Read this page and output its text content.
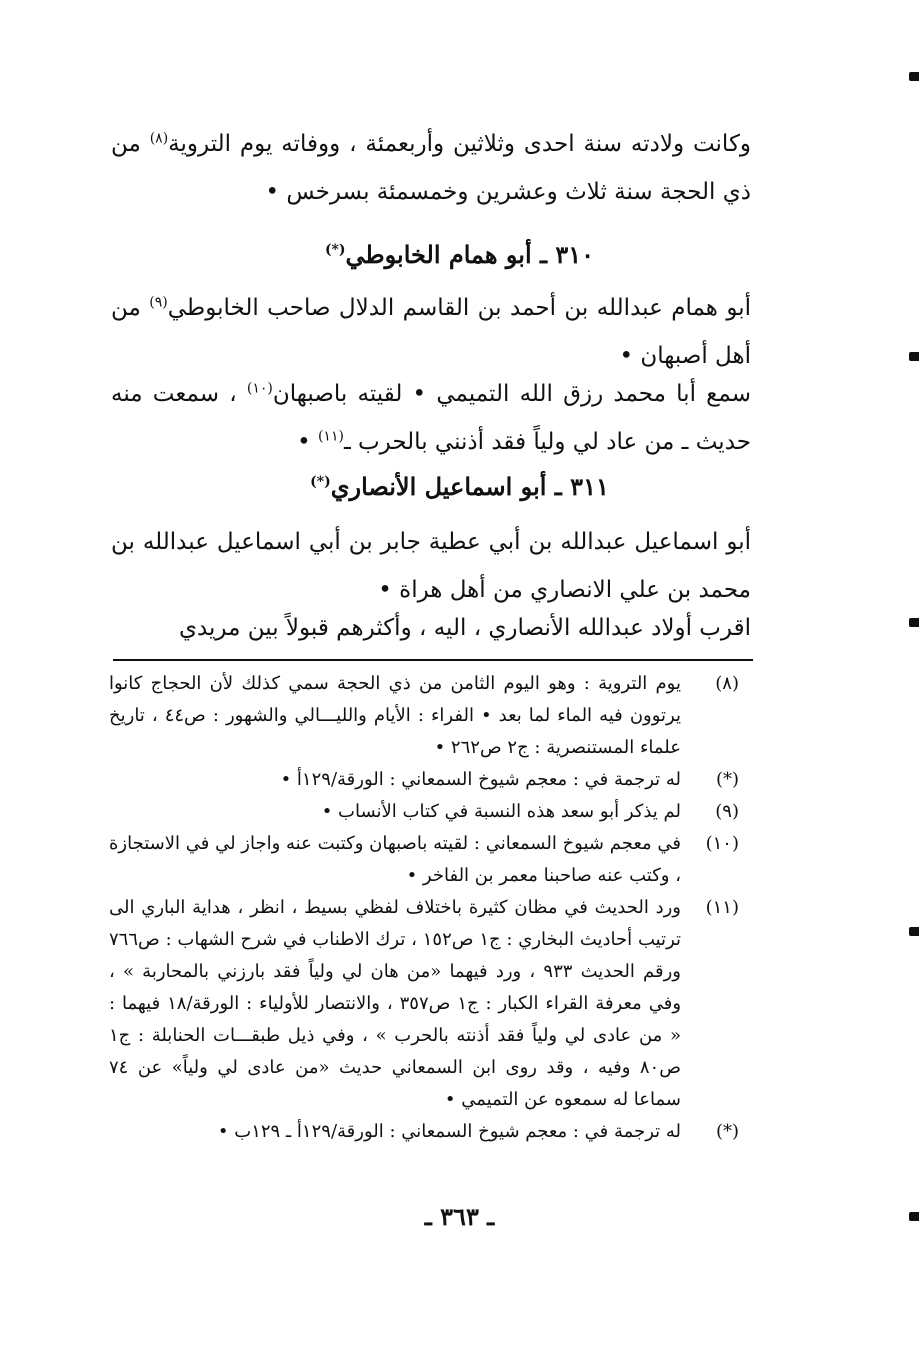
وكانت ولادته سنة احدى وثلاثين وأربعمئة ، ووفاته يوم التروية$^{(٨)}$ من ذي الحجة سنة ثلاث وعشرين وخمسمئة بسرخس •

٣١٠ ـ أبو همام الخابوطي(*)

أبو همام عبدالله بن أحمد بن القاسم الدلال صاحب الخابوطي$^{(٩)}$ من أهل أصبهان •

سمع أبا محمد رزق الله التميمي • لقيته باصبهان$^{(١٠)}$ ، سمعت منه حديث ـ من عاد لي ولياً فقد أذنني بالحرب ـ$^{(١١)}$ •

٣١١ ـ أبو اسماعيل الأنصاري(*)

أبو اسماعيل عبدالله بن أبي عطية جابر بن أبي اسماعيل عبدالله بن محمد بن علي الانصاري من أهل هراة •

اقرب أولاد عبدالله الأنصاري ، اليه ، وأكثرهم قبولاً بين مريدي

(٨)
يوم التروية : وهو اليوم الثامن من ذي الحجة سمي كذلك لأن الحجاج كانوا يرتوون فيه الماء لما بعد • الفراء : الأيام والليـــالي والشهور : ص٤٤ ، تاريخ علماء المستنصرية : ج٢ ص٢٦٢ •
(*)
له ترجمة في : معجم شيوخ السمعاني : الورقة/١٢٩أ •
(٩)
لم يذكر أبو سعد هذه النسبة في كتاب الأنساب •
(١٠)
في معجم شيوخ السمعاني : لقيته باصبهان وكتبت عنه واجاز لي في الاستجازة ، وكتب عنه صاحبنا معمر بن الفاخر •
(١١)
ورد الحديث في مظان كثيرة باختلاف لفظي بسيط ، انظر ، هداية الباري الى ترتيب أحاديث البخاري : ج١ ص١٥٢ ، ترك الاطناب في شرح الشهاب : ص٧٦٦ ورقم الحديث ٩٣٣ ، ورد فيهما «من هان لي ولياً فقد بارزني بالمحاربة » ، وفي معرفة القراء الكبار : ج١ ص٣٥٧ ، والانتصار للأولياء : الورقة/١٨ فيهما : « من عادى لي ولياً فقد أذنته بالحرب » ، وفي ذيل طبقـــات الحنابلة : ج١ ص٨٠ وفيه ، وقد روى ابن السمعاني حديث «من عادى لي ولياً» عن ٧٤ سماعا له سمعوه عن التميمي •
(*)
له ترجمة في : معجم شيوخ السمعاني : الورقة/١٢٩أ ـ ١٢٩ب •
ـ ٣٦٣ ـ
